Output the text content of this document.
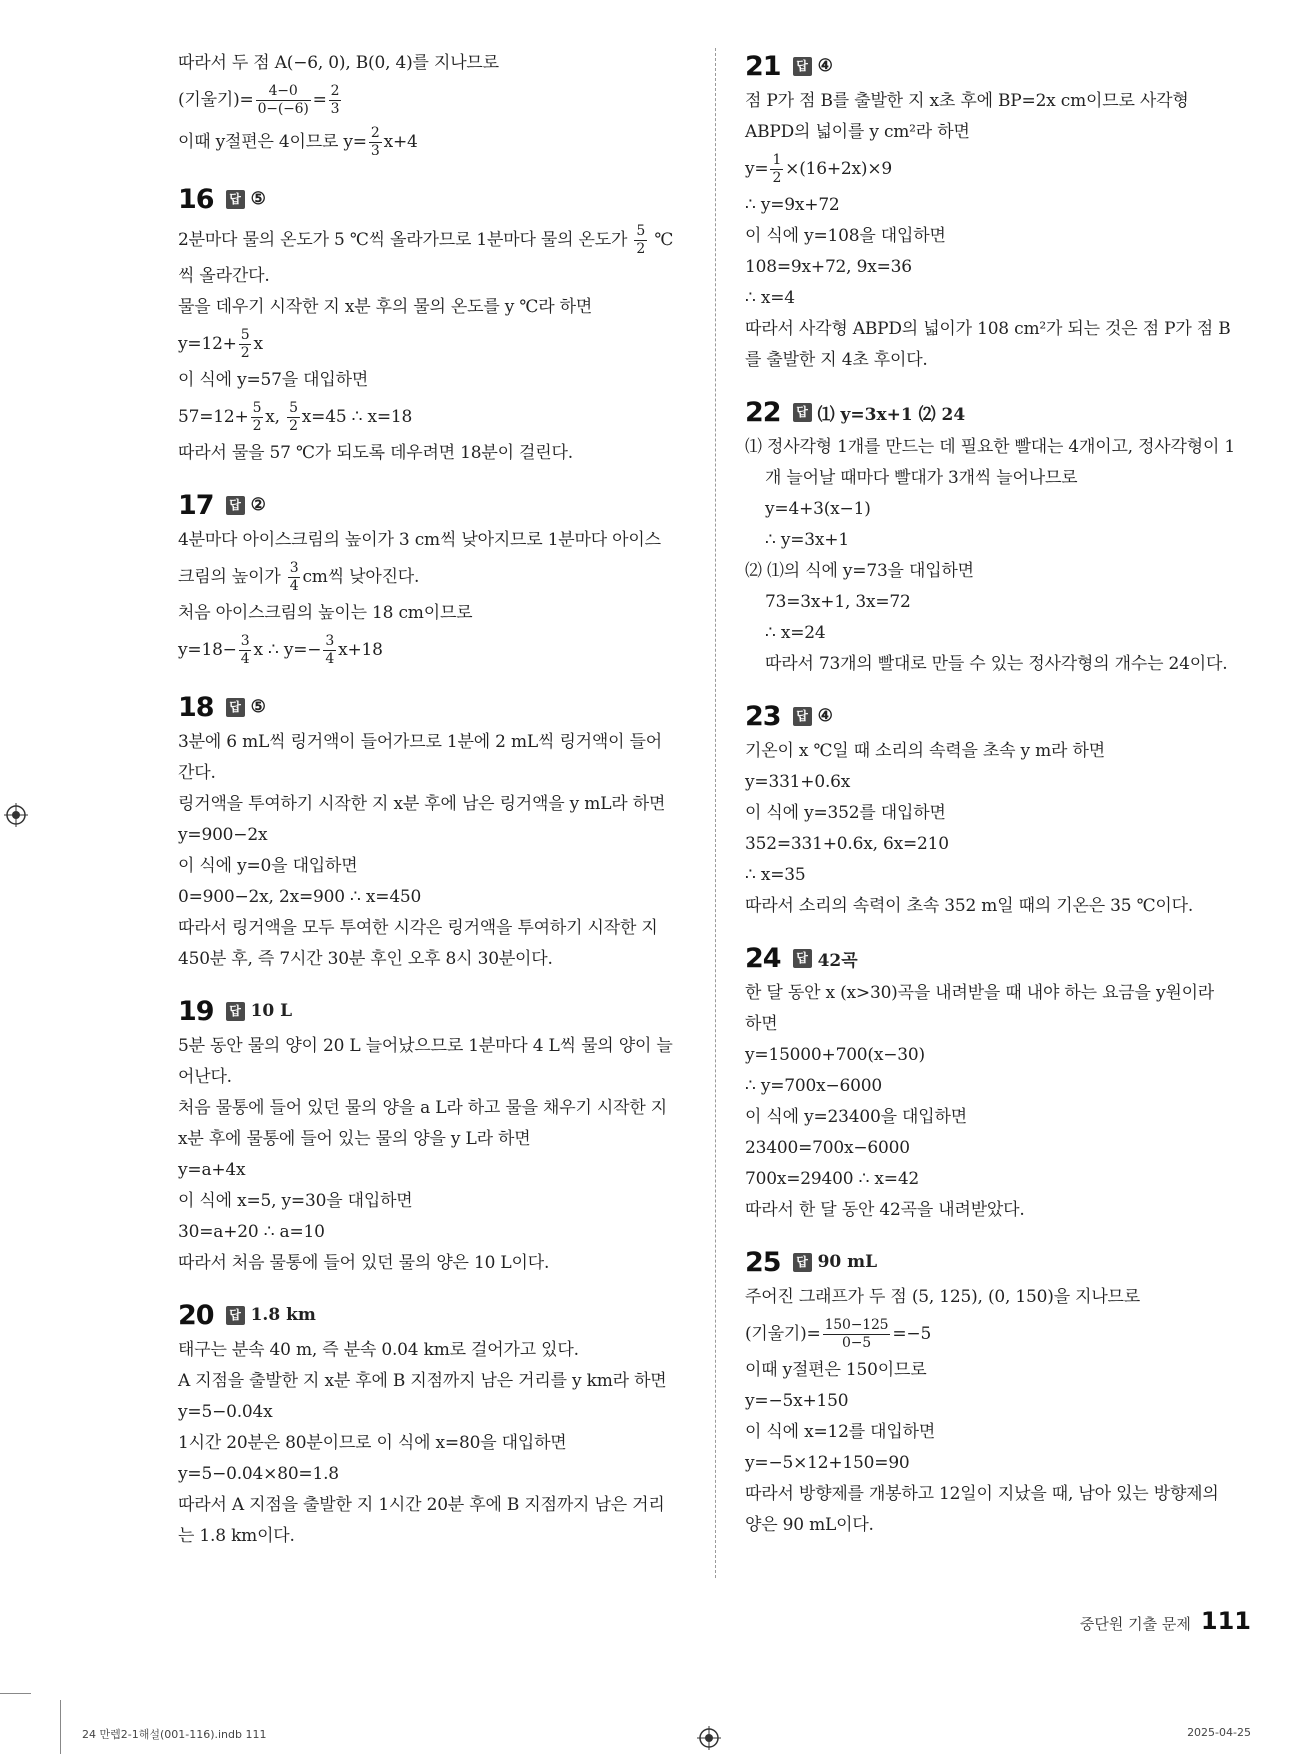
따라서 두 점 A(−6, 0), B(0, 4)를 지나므로
(기울기)= $\frac{4-0}{0-(-6)} = \frac{2}{3}$
이때 y절편은 4이므로 $y= \frac{2}{3} x+4$
16	답 ⑤
2분마다 물의 온도가 5 ℃씩 올라가므로 1분마다 물의 온도가 $\frac{5}{2}$ ℃
씩 올라간다.
물을 데우기 시작한 지 x분 후의 물의 온도를 y ℃라 하면
$y=12+ \frac{5}{2}$ x
이 식에 y=57을 대입하면
$57=12+ \frac{5}{2} x$, $\frac{5}{2} x=45$ ∴ x=18
따라서 물을 57 ℃가 되도록 데우려면 18분이 걸린다.
17	답 ②
4분마다 아이스크림의 높이가 3 cm씩 낮아지므로 1분마다 아이스
크림의 높이가 $\frac{3}{4}$ cm씩 낮아진다.
처음 아이스크림의 높이는 18 cm이므로
$y=18- \frac{3}{4}$ x ∴ $y=- \frac{3}{4} x+18$
18	답 ⑤
3분에 6 mL씩 링거액이 들어가므로 1분에 2 mL씩 링거액이 들어
간다.
링거액을 투여하기 시작한 지 x분 후에 남은 링거액을 y mL라 하면
y=900−2x
이 식에 y=0을 대입하면
0=900−2x, 2x=900 ∴ x=450
따라서 링거액을 모두 투여한 시각은 링거액을 투여하기 시작한 지
450분 후, 즉 7시간 30분 후인 오후 8시 30분이다.
19	답 10 L
5분 동안 물의 양이 20 L 늘어났으므로 1분마다 4 L씩 물의 양이 늘
어난다.
처음 물통에 들어 있던 물의 양을 a L라 하고 물을 채우기 시작한 지
x분 후에 물통에 들어 있는 물의 양을 y L라 하면
y=a+4x
이 식에 x=5, y=30을 대입하면
30=a+20 ∴ a=10
따라서 처음 물통에 들어 있던 물의 양은 10 L이다.
20	답 1.8 km
태구는 분속 40 m, 즉 분속 0.04 km로 걸어가고 있다.
A 지점을 출발한 지 x분 후에 B 지점까지 남은 거리를 y km라 하면
y=5−0.04x
1시간 20분은 80분이므로 이 식에 x=80을 대입하면
y=5−0.04×80=1.8
따라서 A 지점을 출발한 지 1시간 20분 후에 B 지점까지 남은 거리
는 1.8 km이다.
21	답 ④
점 P가 점 B를 출발한 지 x초 후에 BP=2x cm이므로 사각형
ABPD의 넓이를 y cm²라 하면
$y= \frac{1}{2} \times(16+2x)\times 9$
∴ y=9x+72
이 식에 y=108을 대입하면
108=9x+72, 9x=36
∴ x=4
따라서 사각형 ABPD의 넓이가 108 cm²가 되는 것은 점 P가 점 B
를 출발한 지 4초 후이다.
22	답 ⑴ y=3x+1 ⑵ 24
⑴ 정사각형 1개를 만드는 데 필요한 빨대는 4개이고, 정사각형이 1
개 늘어날 때마다 빨대가 3개씩 늘어나므로
y=4+3(x−1)
∴ y=3x+1
⑵ ⑴의 식에 y=73을 대입하면
73=3x+1, 3x=72
∴ x=24
따라서 73개의 빨대로 만들 수 있는 정사각형의 개수는 24이다.
23	답 ④
기온이 x ℃일 때 소리의 속력을 초속 y m라 하면
y=331+0.6x
이 식에 y=352를 대입하면
352=331+0.6x, 6x=210
∴ x=35
따라서 소리의 속력이 초속 352 m일 때의 기온은 35 ℃이다.
24	답 42곡
한 달 동안 x (x>30)곡을 내려받을 때 내야 하는 요금을 y원이라
하면
y=15000+700(x−30)
∴ y=700x−6000
이 식에 y=23400을 대입하면
23400=700x−6000
700x=29400 ∴ x=42
따라서 한 달 동안 42곡을 내려받았다.
25	답 90 mL
주어진 그래프가 두 점 (5, 125), (0, 150)을 지나므로
(기울기)= $\frac{150-125}{0-5} =-5$
이때 y절편은 150이므로
y=−5x+150
이 식에 x=12를 대입하면
y=−5×12+150=90
따라서 방향제를 개봉하고 12일이 지났을 때, 남아 있는 방향제의
양은 90 mL이다.
중단원 기출 문제 111
24 만렙2-1해설(001-116).indb 111	2025-04-25
